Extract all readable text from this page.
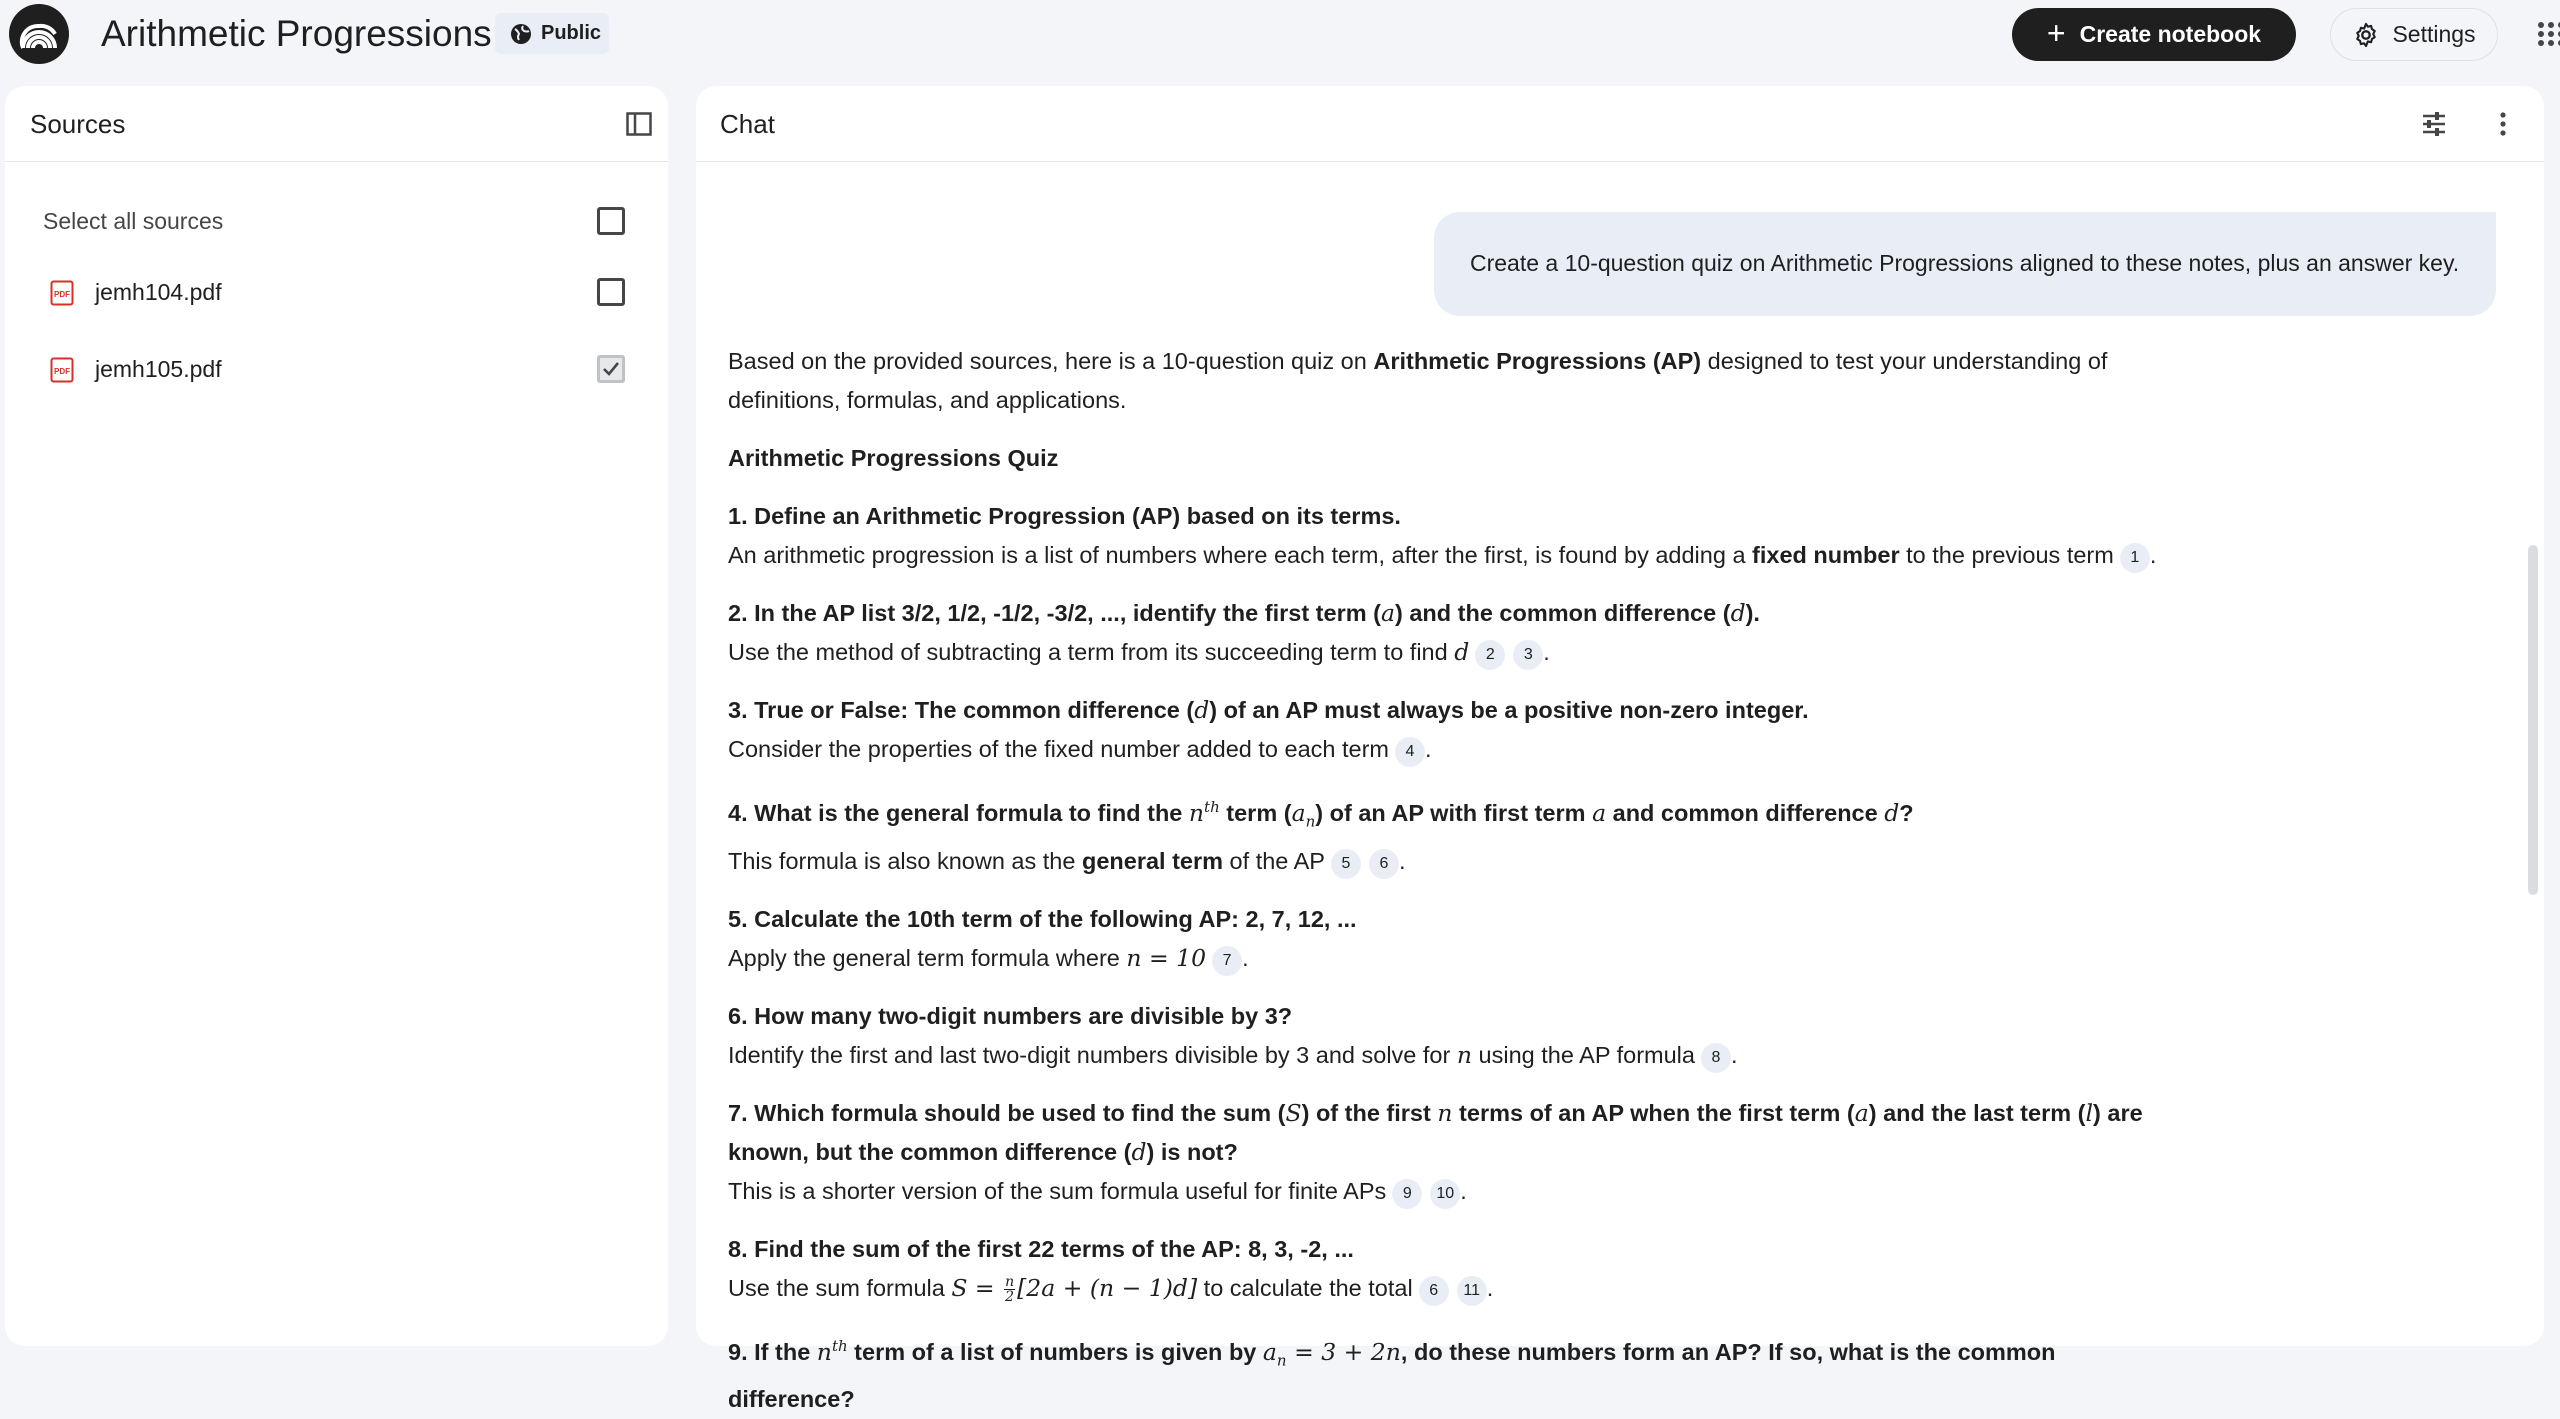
Arithmetic Progressions Public	+ Create notebook	Settings
Sources
Select all sources
PDF jemh104.pdf
PDF jemh105.pdf
Chat
Create a 10-question quiz on Arithmetic Progressions aligned to these notes, plus an answer key.

Based on the provided sources, here is a 10-question quiz on Arithmetic Progressions (AP) designed to test your understanding of
definitions, formulas, and applications.

Arithmetic Progressions Quiz

1. Define an Arithmetic Progression (AP) based on its terms.

An arithmetic progression is a list of numbers where each term, after the first, is found by adding a fixed number to the previous term 1 .

2. In the AP list 3/2, 1/2, -1/2, -3/2, ..., identify the first term (a) and the common difference (d).

Use the method of subtracting a term from its succeeding term to find d 2 3 .

3. True or False: The common difference (d) of an AP must always be a positive non-zero integer.

Consider the properties of the fixed number added to each term 4 .

4. What is the general formula to find the $n^{th}$ term $(a_n)$ of an AP with first term a and common difference d?

This formula is also known as the general term of the AP 5 6 .

5. Calculate the 10th term of the following AP: 2, 7, 12, ...

Apply the general term formula where n = 10 7 .

6. How many two-digit numbers are divisible by 3?

Identify the first and last two-digit numbers divisible by 3 and solve for n using the AP formula 8 .

7. Which formula should be used to find the sum (S) of the first n terms of an AP when the first term (a) and the last term (l) are
known, but the common difference (d) is not?

This is a shorter version of the sum formula useful for finite APs 9 10 .

8. Find the sum of the first 22 terms of the AP: 8, 3, -2, ...

Use the sum formula $S = \frac{n}{2} [2a + (n - 1)d]$ to calculate the total 6 11 .

9. If the $n^{th}$ term of a list of numbers is given by $a_n = 3 + 2n$, do these numbers form an AP? If so, what is the common difference?
